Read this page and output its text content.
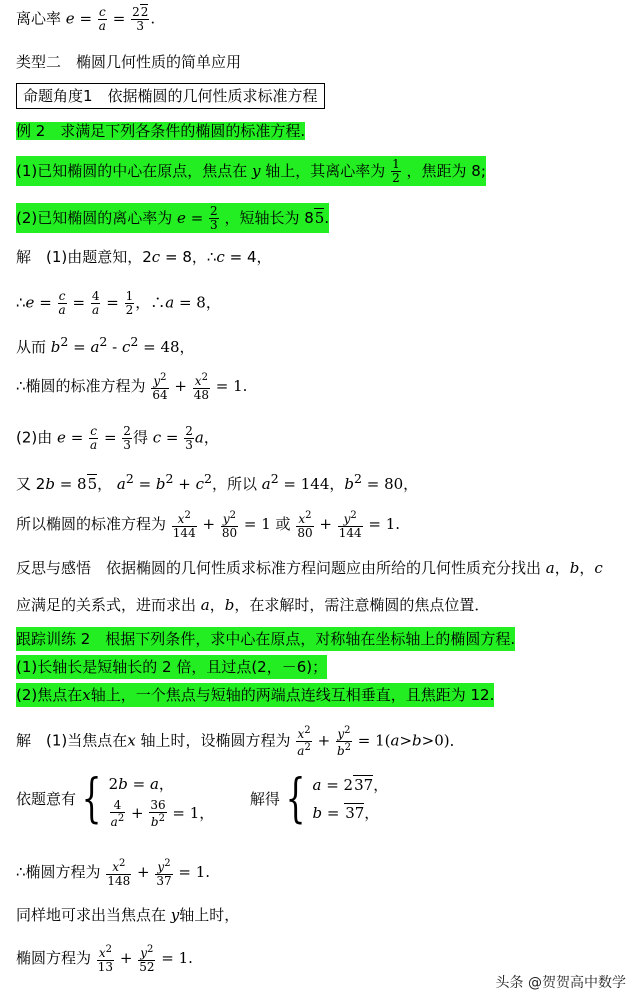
离心率 $e = \frac{c}{a} = \frac{22}{3}$ .
类型二　椭圆几何性质的简单应用
命题角度1　依据椭圆的几何性质求标准方程
例 2　求满足下列各条件的椭圆的标准方程.
(1)已知椭圆的中心在原点，焦点在 y 轴上，其离心率为 $\frac{1}{2}$ ，焦距为 8;
(2)已知椭圆的离心率为 $e = \frac{2}{3}$ ，短轴长为 85.
解　(1)由题意知，2c = 8，∴c = 4，
∴e = $\frac{c}{a} = \frac{4}{a} = \frac{1}{2}$ ，∴a = 8，
从而 $b^2 = a^2 - c^2 = 48$，
∴椭圆的标准方程为 $\frac{y^2}{64} + \frac{x^2}{48} = 1$.
(2)由 $e = \frac{c}{a} = \frac{2}{3}$ 得 $c = \frac{2}{3}$ a，
又 2b = 85， $a^2 = b^2 + c^2$，所以 $a^2 = 144$，$b^2 = 80$，
所以椭圆的标准方程为 $\frac{x^2}{144} + \frac{y^2}{80} = 1$ 或 $\frac{x^2}{80} + \frac{y^2}{144} = 1$.
反思与感悟　依据椭圆的几何性质求标准方程问题应由所给的几何性质充分找出 a，b，c
应满足的关系式，进而求出 a，b，在求解时，需注意椭圆的焦点位置．
跟踪训练 2　根据下列条件，求中心在原点，对称轴在坐标轴上的椭圆方程.
(1)长轴长是短轴长的 2 倍，且过点(2，－6)；
(2)焦点在x轴上，一个焦点与短轴的两端点连线互相垂直，且焦距为 12.
解　(1)当焦点在x 轴上时，设椭圆方程为 $\frac{x^2}{a^2} + \frac{y^2}{b^2} = 1(a>b>0)$．
依题意有 { 2b = a，
$\frac{4}{a^2} + \frac{36}{b^2} = 1$，
解得 { a = 237，
b = 37，
∴椭圆方程为 $\frac{x^2}{148} + \frac{y^2}{37} = 1$.
同样地可求出当焦点在 y轴上时，
椭圆方程为 $\frac{x^2}{13} + \frac{y^2}{52} = 1$.
头条 @贺贺高中数学
